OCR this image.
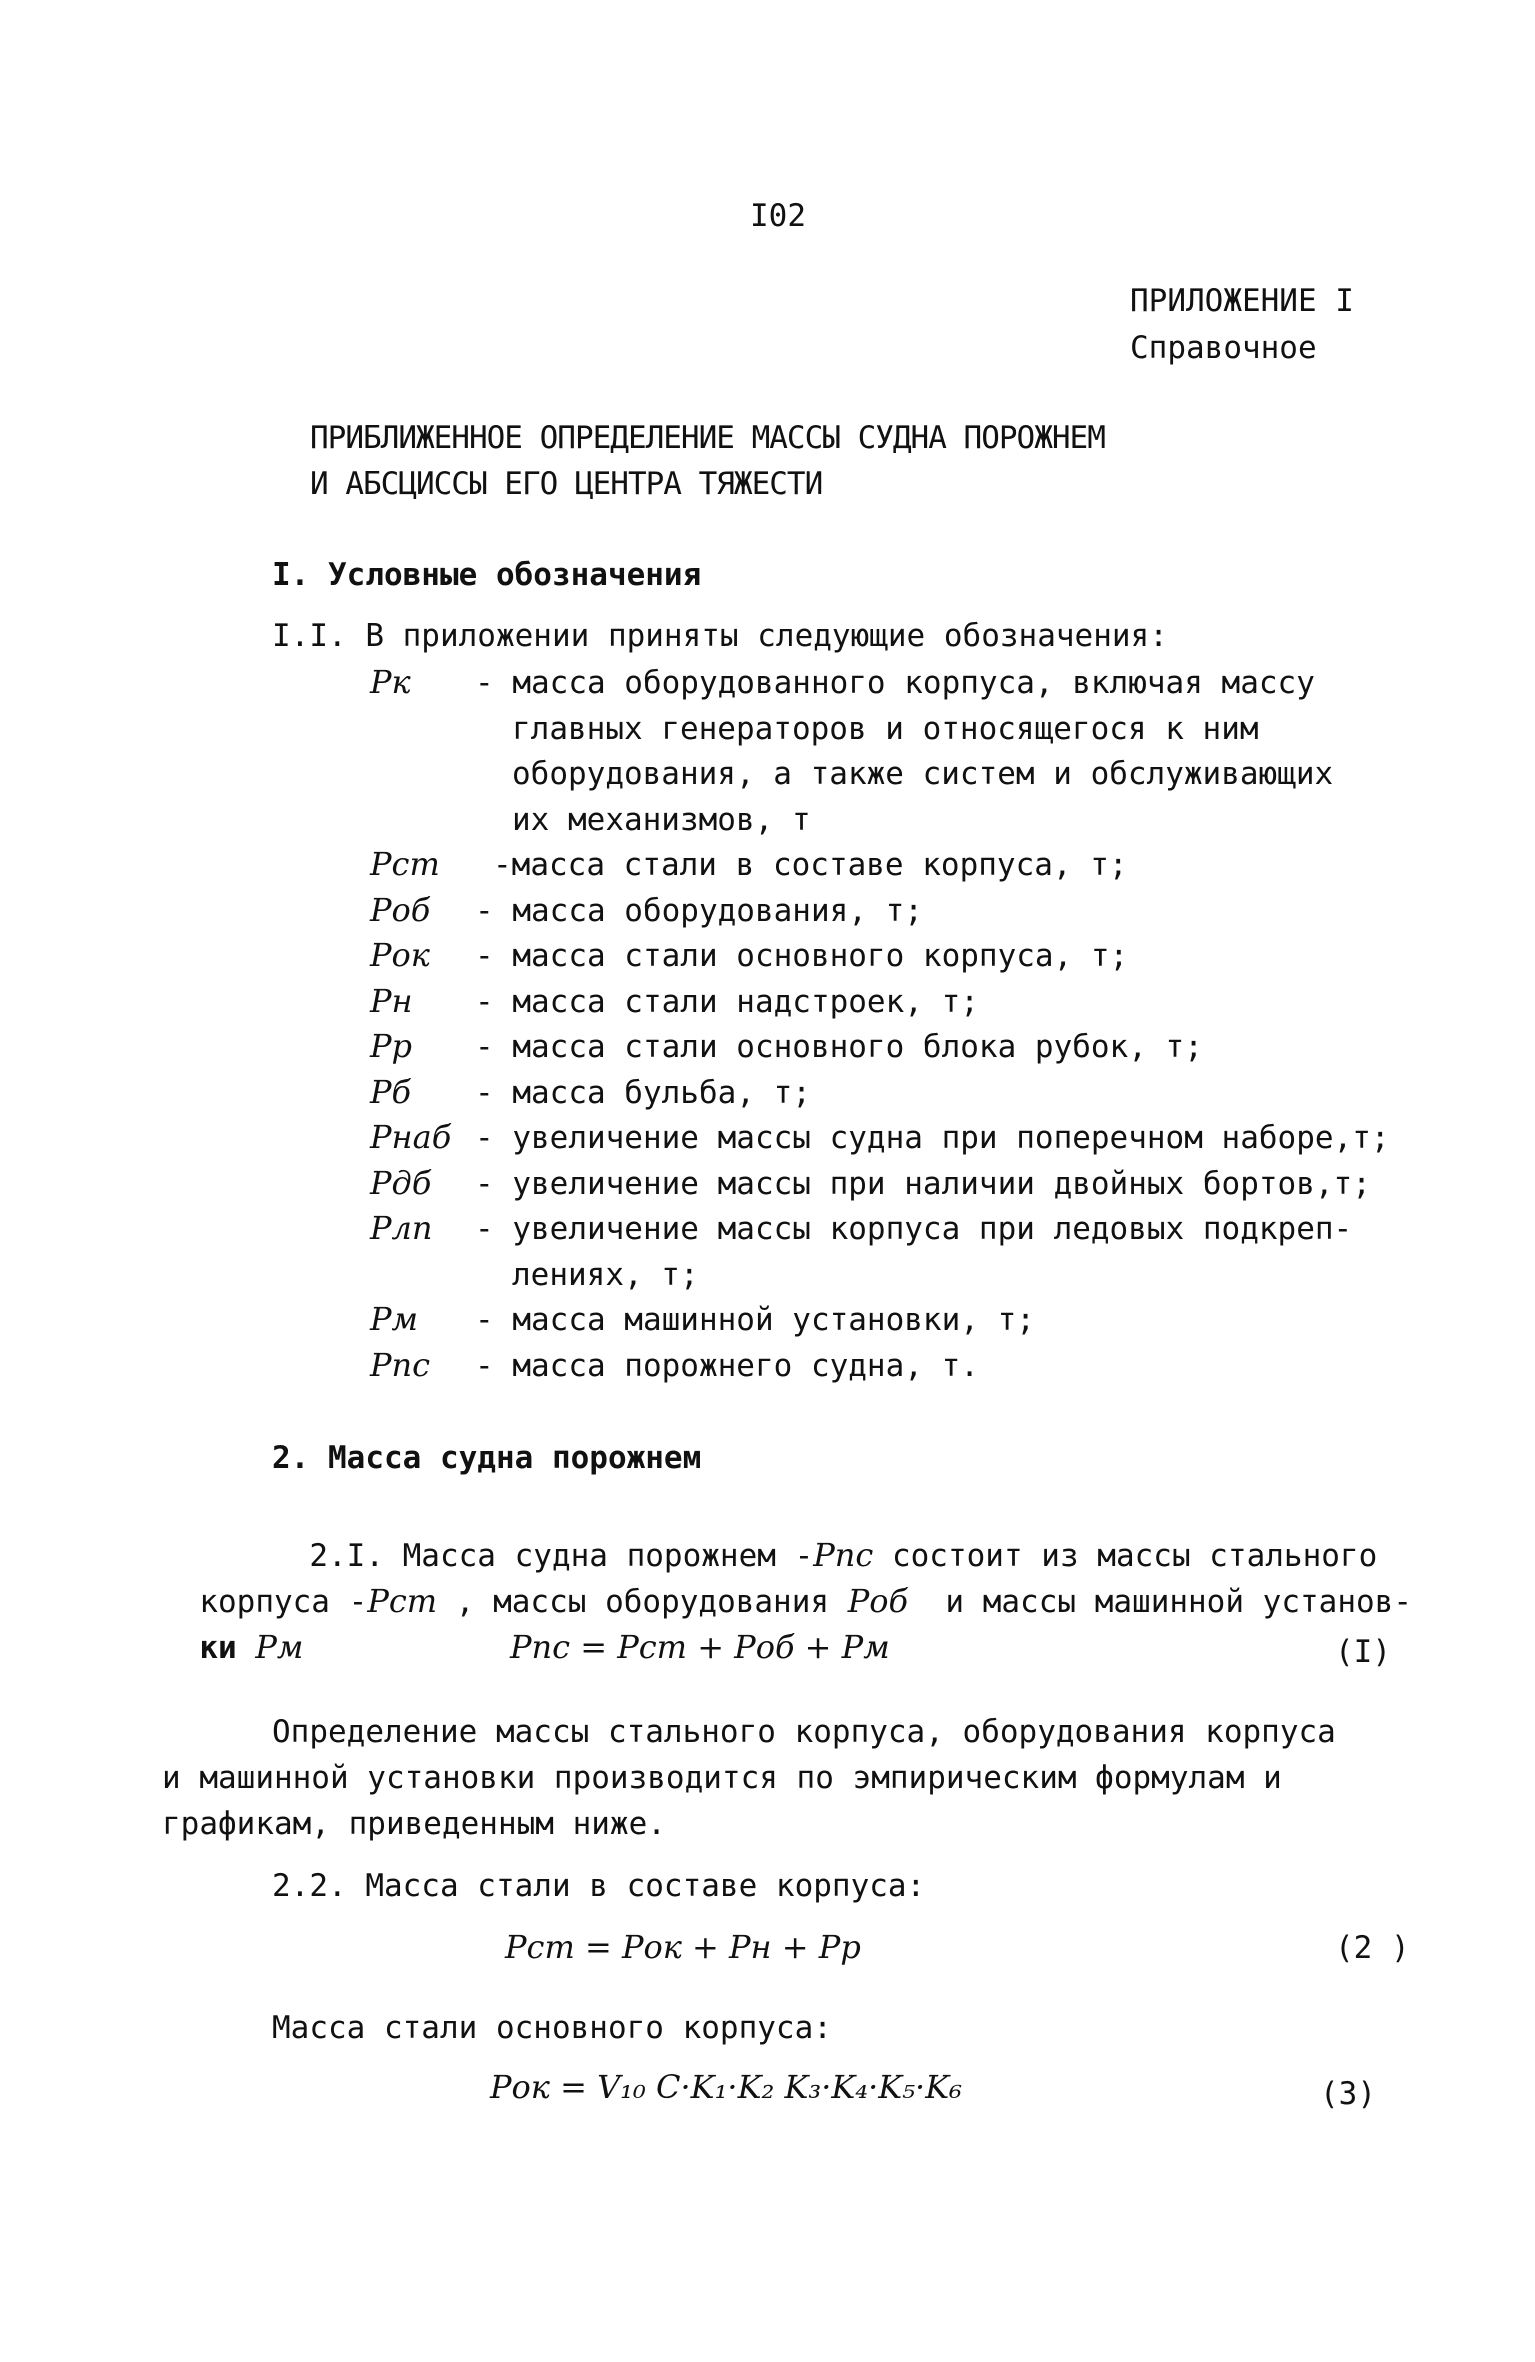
I02
ПРИЛОЖЕНИЕ I
Справочное
ПРИБЛИЖЕННОЕ ОПРЕДЕЛЕНИЕ МАССЫ СУДНА ПОРОЖНЕМ
И АБСЦИССЫ ЕГО ЦЕНТРА ТЯЖЕСТИ
I. Условные обозначения
I.I. В приложении приняты следующие обозначения:
Pк - масса оборудованного корпуса, включая массу
главных генераторов и относящегося к ним
оборудования, а также систем и обслуживающих
их механизмов, т
Pст -масса стали в составе корпуса, т;
Pоб - масса оборудования, т;
Pок - масса стали основного корпуса, т;
Pн - масса стали надстроек, т;
Pр - масса стали основного блока рубок, т;
Pб - масса бульба, т;
Pнаб - увеличение массы судна при поперечном наборе,т;
Pдб - увеличение массы при наличии двойных бортов,т;
Pлп - увеличение массы корпуса при ледовых подкреп-
лениях, т;
Pм - масса машинной установки, т;
Pпс - масса порожнего судна, т.
2. Масса судна порожнем

2.I. Масса судна порожнем -Pпс состоит из массы стального

корпуса -Pст , массы оборудования Pоб и массы машинной установ-

ки Pм	Pпс = Pст + Pоб + Pм	(I)
Определение массы стального корпуса, оборудования корпуса
и машинной установки производится по эмпирическим формулам и
графикам, приведенным ниже.
2.2. Масса стали в составе корпуса:
Pст = Pок + Pн + Pр	(2 )
Масса стали основного корпуса:
Pок = V₁₀ C·K₁·K₂ K₃·K₄·K₅·K₆	(3)
